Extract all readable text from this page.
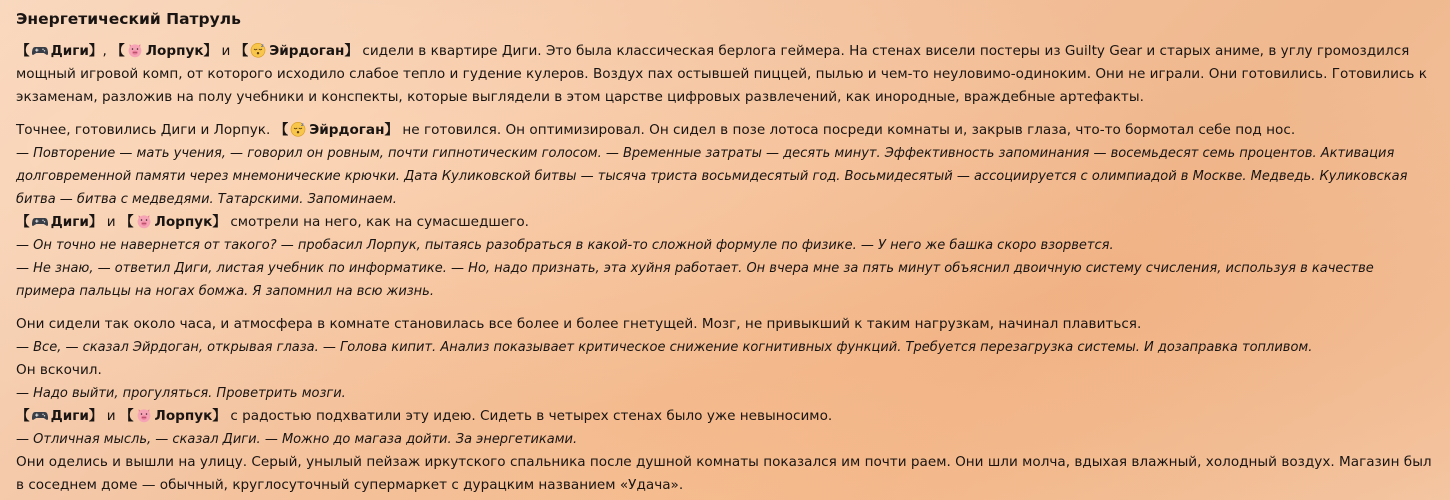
Энергетический Патруль

【 Диги】, 【 Лорпук】 и 【 Эйрдоган】 сидели в квартире Диги. Это была классическая берлога геймера. На стенах висели постеры из Guilty Gear и старых аниме, в углу громоздился мощный игровой комп, от которого исходило слабое тепло и гудение кулеров. Воздух пах остывшей пиццей, пылью и чем-то неуловимо-одиноким. Они не играли. Они готовились. Готовились к экзаменам, разложив на полу учебники и конспекты, которые выглядели в этом царстве цифровых развлечений, как инородные, враждебные артефакты.

Точнее, готовились Диги и Лорпук. 【 Эйрдоган】 не готовился. Он оптимизировал. Он сидел в позе лотоса посреди комнаты и, закрыв глаза, что-то бормотал себе под нос.

— Повторение — мать учения, — говорил он ровным, почти гипнотическим голосом. — Временные затраты — десять минут. Эффективность запоминания — восемьдесят семь процентов. Активация долговременной памяти через мнемонические крючки. Дата Куликовской битвы — тысяча триста восьмидесятый год. Восьмидесятый — ассоциируется с олимпиадой в Москве. Медведь. Куликовская битва — битва с медведями. Татарскими. Запоминаем.

【 Диги】 и 【 Лорпук】 смотрели на него, как на сумасшедшего.

— Он точно не навернется от такого? — пробасил Лорпук, пытаясь разобраться в какой-то сложной формуле по физике. — У него же башка скоро взорвется.

— Не знаю, — ответил Диги, листая учебник по информатике. — Но, надо признать, эта хуйня работает. Он вчера мне за пять минут объяснил двоичную систему счисления, используя в качестве примера пальцы на ногах бомжа. Я запомнил на всю жизнь.

Они сидели так около часа, и атмосфера в комнате становилась все более и более гнетущей. Мозг, не привыкший к таким нагрузкам, начинал плавиться.

— Все, — сказал Эйрдоган, открывая глаза. — Голова кипит. Анализ показывает критическое снижение когнитивных функций. Требуется перезагрузка системы. И дозаправка топливом.

Он вскочил.

— Надо выйти, прогуляться. Проветрить мозги.

【 Диги】 и 【 Лорпук】 с радостью подхватили эту идею. Сидеть в четырех стенах было уже невыносимо.

— Отличная мысль, — сказал Диги. — Можно до магаза дойти. За энергетиками.

Они оделись и вышли на улицу. Серый, унылый пейзаж иркутского спальника после душной комнаты показался им почти раем. Они шли молча, вдыхая влажный, холодный воздух. Магазин был в соседнем доме — обычный, круглосуточный супермаркет с дурацким названием «Удача».
